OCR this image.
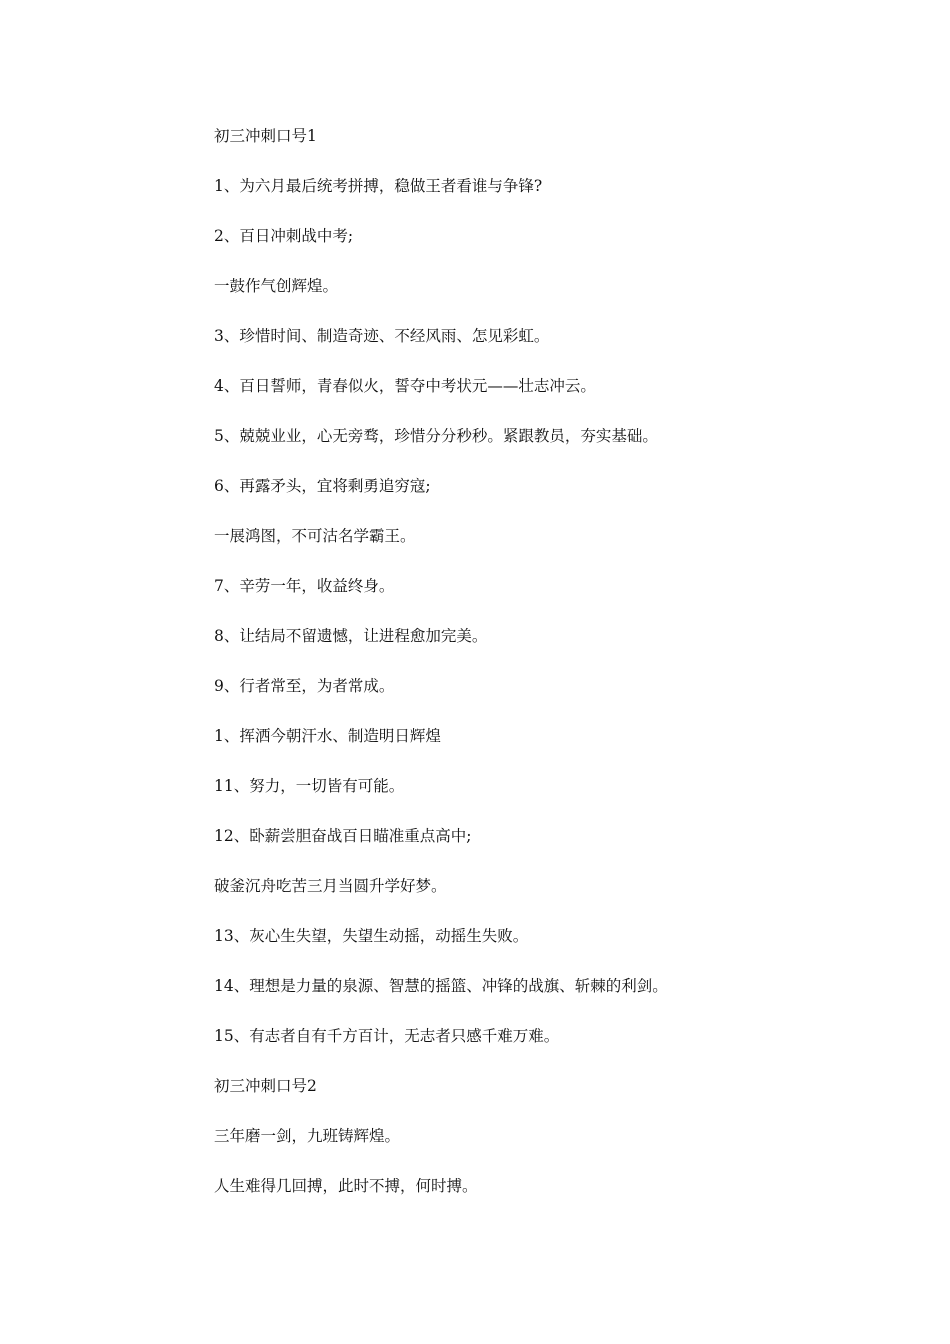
初三冲刺口号1

1、为六月最后统考拼搏，稳做王者看谁与争锋?

2、百日冲刺战中考;

一鼓作气创辉煌。

3、珍惜时间、制造奇迹、不经风雨、怎见彩虹。

4、百日誓师，青春似火，誓夺中考状元——壮志冲云。

5、兢兢业业，心无旁骛，珍惜分分秒秒。紧跟教员，夯实基础。

6、再露矛头，宜将剩勇追穷寇;

一展鸿图，不可沽名学霸王。

7、辛劳一年，收益终身。

8、让结局不留遗憾，让进程愈加完美。

9、行者常至，为者常成。

1、挥洒今朝汗水、制造明日辉煌

11、努力，一切皆有可能。

12、卧薪尝胆奋战百日瞄准重点高中;

破釜沉舟吃苦三月当圆升学好梦。

13、灰心生失望，失望生动摇，动摇生失败。

14、理想是力量的泉源、智慧的摇篮、冲锋的战旗、斩棘的利剑。

15、有志者自有千方百计，无志者只感千难万难。

初三冲刺口号2

三年磨一剑，九班铸辉煌。

人生难得几回搏，此时不搏，何时搏。
